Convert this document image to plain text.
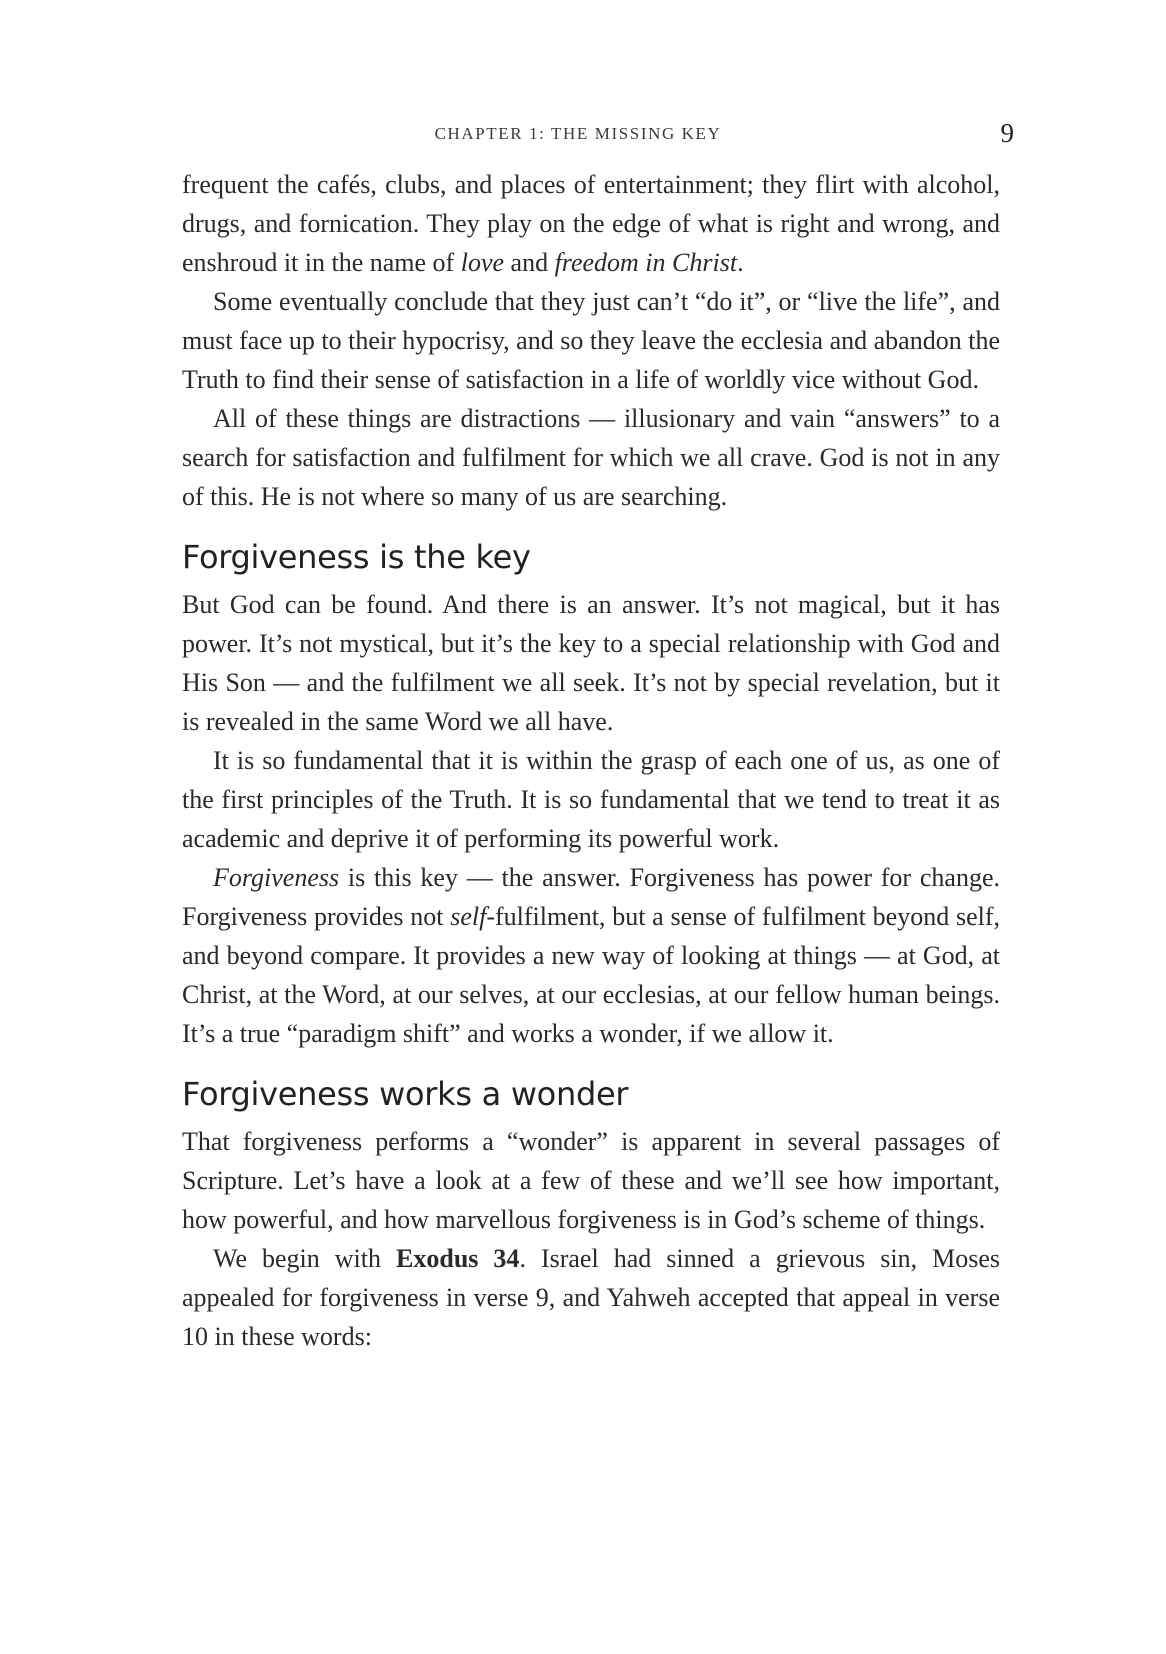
CHAPTER 1: THE MISSING KEY	9

frequent the cafés, clubs, and places of entertainment; they flirt with alcohol, drugs, and fornication. They play on the edge of what is right and wrong, and enshroud it in the name of love and freedom in Christ.

Some eventually conclude that they just can’t “do it”, or “live the life”, and must face up to their hypocrisy, and so they leave the ecclesia and abandon the Truth to find their sense of satisfaction in a life of worldly vice without God.

All of these things are distractions — illusionary and vain “answers” to a search for satisfaction and fulfilment for which we all crave. God is not in any of this. He is not where so many of us are searching.

Forgiveness is the key

But God can be found. And there is an answer. It’s not magical, but it has power. It’s not mystical, but it’s the key to a special relationship with God and His Son — and the fulfilment we all seek. It’s not by special revelation, but it is revealed in the same Word we all have.

It is so fundamental that it is within the grasp of each one of us, as one of the first principles of the Truth. It is so fundamental that we tend to treat it as academic and deprive it of performing its powerful work.

Forgiveness is this key — the answer. Forgiveness has power for change. Forgiveness provides not self-fulfilment, but a sense of fulfilment beyond self, and beyond compare. It provides a new way of looking at things — at God, at Christ, at the Word, at our selves, at our ecclesias, at our fellow human beings. It’s a true “paradigm shift” and works a wonder, if we allow it.

Forgiveness works a wonder

That forgiveness performs a “wonder” is apparent in several passages of Scripture. Let’s have a look at a few of these and we’ll see how important, how powerful, and how marvellous forgiveness is in God’s scheme of things.

We begin with Exodus 34. Israel had sinned a grievous sin, Moses appealed for forgiveness in verse 9, and Yahweh accepted that appeal in verse 10 in these words:
